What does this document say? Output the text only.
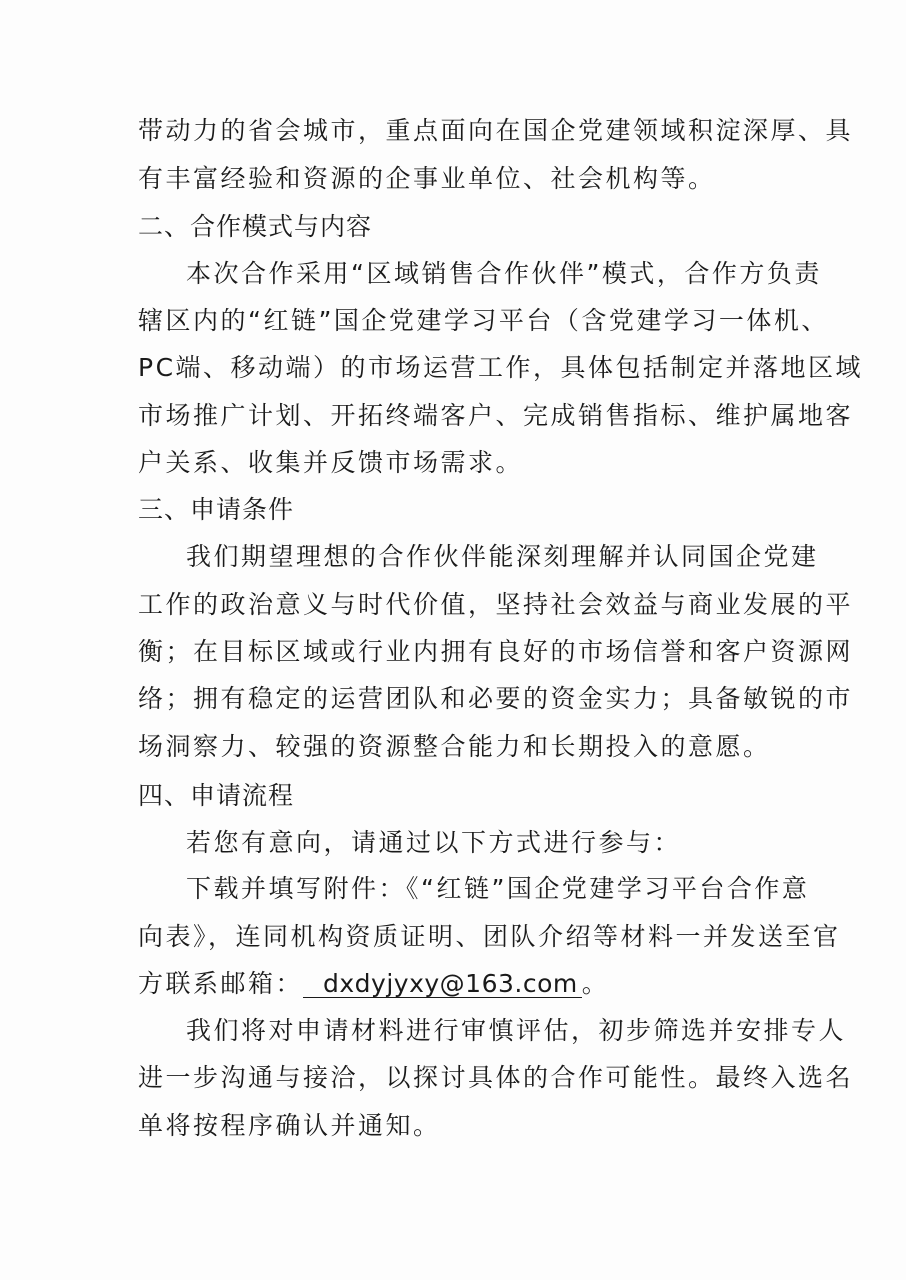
带动力的省会城市，重点面向在国企党建领域积淀深厚、具
有丰富经验和资源的企事业单位、社会机构等。
二、合作模式与内容
本次合作采用“区域销售合作伙伴”模式，合作方负责
辖区内的“红链”国企党建学习平台（含党建学习一体机、
PC端、移动端）的市场运营工作，具体包括制定并落地区域
市场推广计划、开拓终端客户、完成销售指标、维护属地客
户关系、收集并反馈市场需求。
三、申请条件
我们期望理想的合作伙伴能深刻理解并认同国企党建
工作的政治意义与时代价值，坚持社会效益与商业发展的平
衡；在目标区域或行业内拥有良好的市场信誉和客户资源网
络；拥有稳定的运营团队和必要的资金实力；具备敏锐的市
场洞察力、较强的资源整合能力和长期投入的意愿。
四、申请流程
若您有意向，请通过以下方式进行参与：
下载并填写附件：《“红链”国企党建学习平台合作意
向表》，连同机构资质证明、团队介绍等材料一并发送至官
方联系邮箱： dxdyjyxy@163.com 。
我们将对申请材料进行审慎评估，初步筛选并安排专人
进一步沟通与接洽，以探讨具体的合作可能性。最终入选名
单将按程序确认并通知。
